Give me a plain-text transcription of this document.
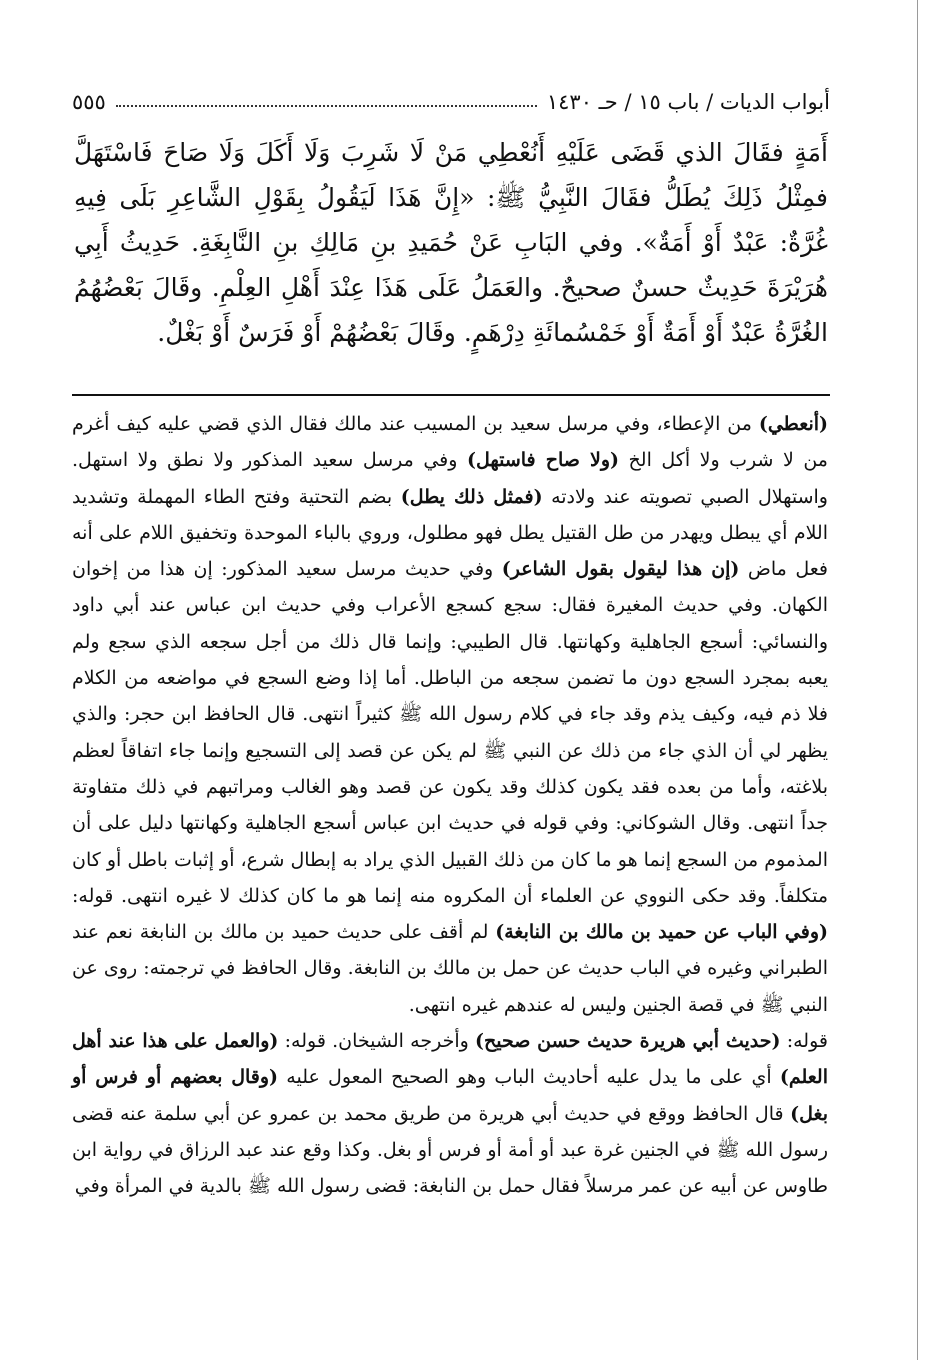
أبواب الديات / باب ١٥ / حـ ١٤٣٠
٥٥٥

أَمَةٍ فقَالَ الذي قَضَى عَلَيْهِ أَنُعْطِي مَنْ لَا شَرِبَ وَلَا أَكَلَ وَلَا صَاحَ فَاسْتَهَلَّ فمِثْلُ ذَلِكَ يُطَلُّ فقَالَ النَّبِيُّ ﷺ: «إِنَّ هَذَا لَيَقُولُ بِقَوْلِ الشَّاعِرِ بَلَى فِيهِ غُرَّةٌ: عَبْدٌ أَوْ أَمَةٌ». وفي البَابِ عَنْ حُمَيدِ بنِ مَالِكِ بنِ النَّابِغَةِ. حَدِيثُ أَبِي هُرَيْرَةَ حَدِيثٌ حسنٌ صحيحٌ. والعَمَلُ عَلَى هَذَا عِنْدَ أَهْلِ العِلْمِ. وقَالَ بَعْضُهُمُ الغُرَّةُ عَبْدٌ أَوْ أَمَةٌ أَوْ خَمْسُمائَةِ دِرْهَمٍ. وقَالَ بَعْضُهُمْ أَوْ فَرَسٌ أَوْ بَغْلٌ.

(أنعطي) من الإعطاء، وفي مرسل سعيد بن المسيب عند مالك فقال الذي قضي عليه كيف أغرم من لا شرب ولا أكل الخ (ولا صاح فاستهل) وفي مرسل سعيد المذكور ولا نطق ولا استهل. واستهلال الصبي تصويته عند ولادته (فمثل ذلك يطل) بضم التحتية وفتح الطاء المهملة وتشديد اللام أي يبطل ويهدر من طل القتيل يطل فهو مطلول، وروي بالباء الموحدة وتخفيق اللام على أنه فعل ماض (إن هذا ليقول بقول الشاعر) وفي حديث مرسل سعيد المذكور: إن هذا من إخوان الكهان. وفي حديث المغيرة فقال: سجع كسجع الأعراب وفي حديث ابن عباس عند أبي داود والنسائي: أسجع الجاهلية وكهانتها. قال الطيبي: وإنما قال ذلك من أجل سجعه الذي سجع ولم يعبه بمجرد السجع دون ما تضمن سجعه من الباطل. أما إذا وضع السجع في مواضعه من الكلام فلا ذم فيه، وكيف يذم وقد جاء في كلام رسول الله ﷺ كثيراً انتهى. قال الحافظ ابن حجر: والذي يظهر لي أن الذي جاء من ذلك عن النبي ﷺ لم يكن عن قصد إلى التسجيع وإنما جاء اتفاقاً لعظم بلاغته، وأما من بعده فقد يكون كذلك وقد يكون عن قصد وهو الغالب ومراتبهم في ذلك متفاوتة جداً انتهى. وقال الشوكاني: وفي قوله في حديث ابن عباس أسجع الجاهلية وكهانتها دليل على أن المذموم من السجع إنما هو ما كان من ذلك القبيل الذي يراد به إبطال شرع، أو إثبات باطل أو كان متكلفاً. وقد حكى النووي عن العلماء أن المكروه منه إنما هو ما كان كذلك لا غيره انتهى. قوله: (وفي الباب عن حميد بن مالك بن النابغة) لم أقف على حديث حميد بن مالك بن النابغة نعم عند الطبراني وغيره في الباب حديث عن حمل بن مالك بن النابغة. وقال الحافظ في ترجمته: روى عن النبي ﷺ في قصة الجنين وليس له عندهم غيره انتهى.

قوله: (حديث أبي هريرة حديث حسن صحيح) وأخرجه الشيخان. قوله: (والعمل على هذا عند أهل العلم) أي على ما يدل عليه أحاديث الباب وهو الصحيح المعول عليه (وقال بعضهم أو فرس أو بغل) قال الحافظ ووقع في حديث أبي هريرة من طريق محمد بن عمرو عن أبي سلمة عنه قضى رسول الله ﷺ في الجنين غرة عبد أو أمة أو فرس أو بغل. وكذا وقع عند عبد الرزاق في رواية ابن طاوس عن أبيه عن عمر مرسلاً فقال حمل بن النابغة: قضى رسول الله ﷺ بالدية في المرأة وفي
